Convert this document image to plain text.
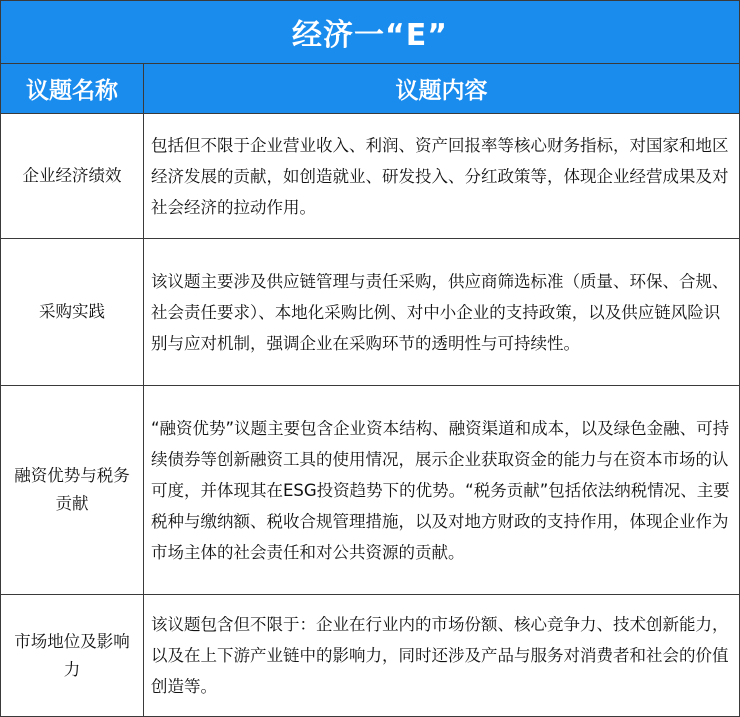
经济一“E”
议题名称	议题内容
企业经济绩效
包括但不限于企业营业收入、利润、资产回报率等核心财务指标，对国家和地区经济发展的贡献，如创造就业、研发投入、分红政策等，体现企业经营成果及对社会经济的拉动作用。
采购实践
该议题主要涉及供应链管理与责任采购，供应商筛选标准（质量、环保、合规、社会责任要求）、本地化采购比例、对中小企业的支持政策，以及供应链风险识别与应对机制，强调企业在采购环节的透明性与可持续性。
融资优势与税务贡献
“融资优势”议题主要包含企业资本结构、融资渠道和成本，以及绿色金融、可持续债券等创新融资工具的使用情况，展示企业获取资金的能力与在资本市场的认可度，并体现其在ESG投资趋势下的优势。“税务贡献”包括依法纳税情况、主要税种与缴纳额、税收合规管理措施，以及对地方财政的支持作用，体现企业作为市场主体的社会责任和对公共资源的贡献。
市场地位及影响力
该议题包含但不限于：企业在行业内的市场份额、核心竞争力、技术创新能力，以及在上下游产业链中的影响力，同时还涉及产品与服务对消费者和社会的价值创造等。
